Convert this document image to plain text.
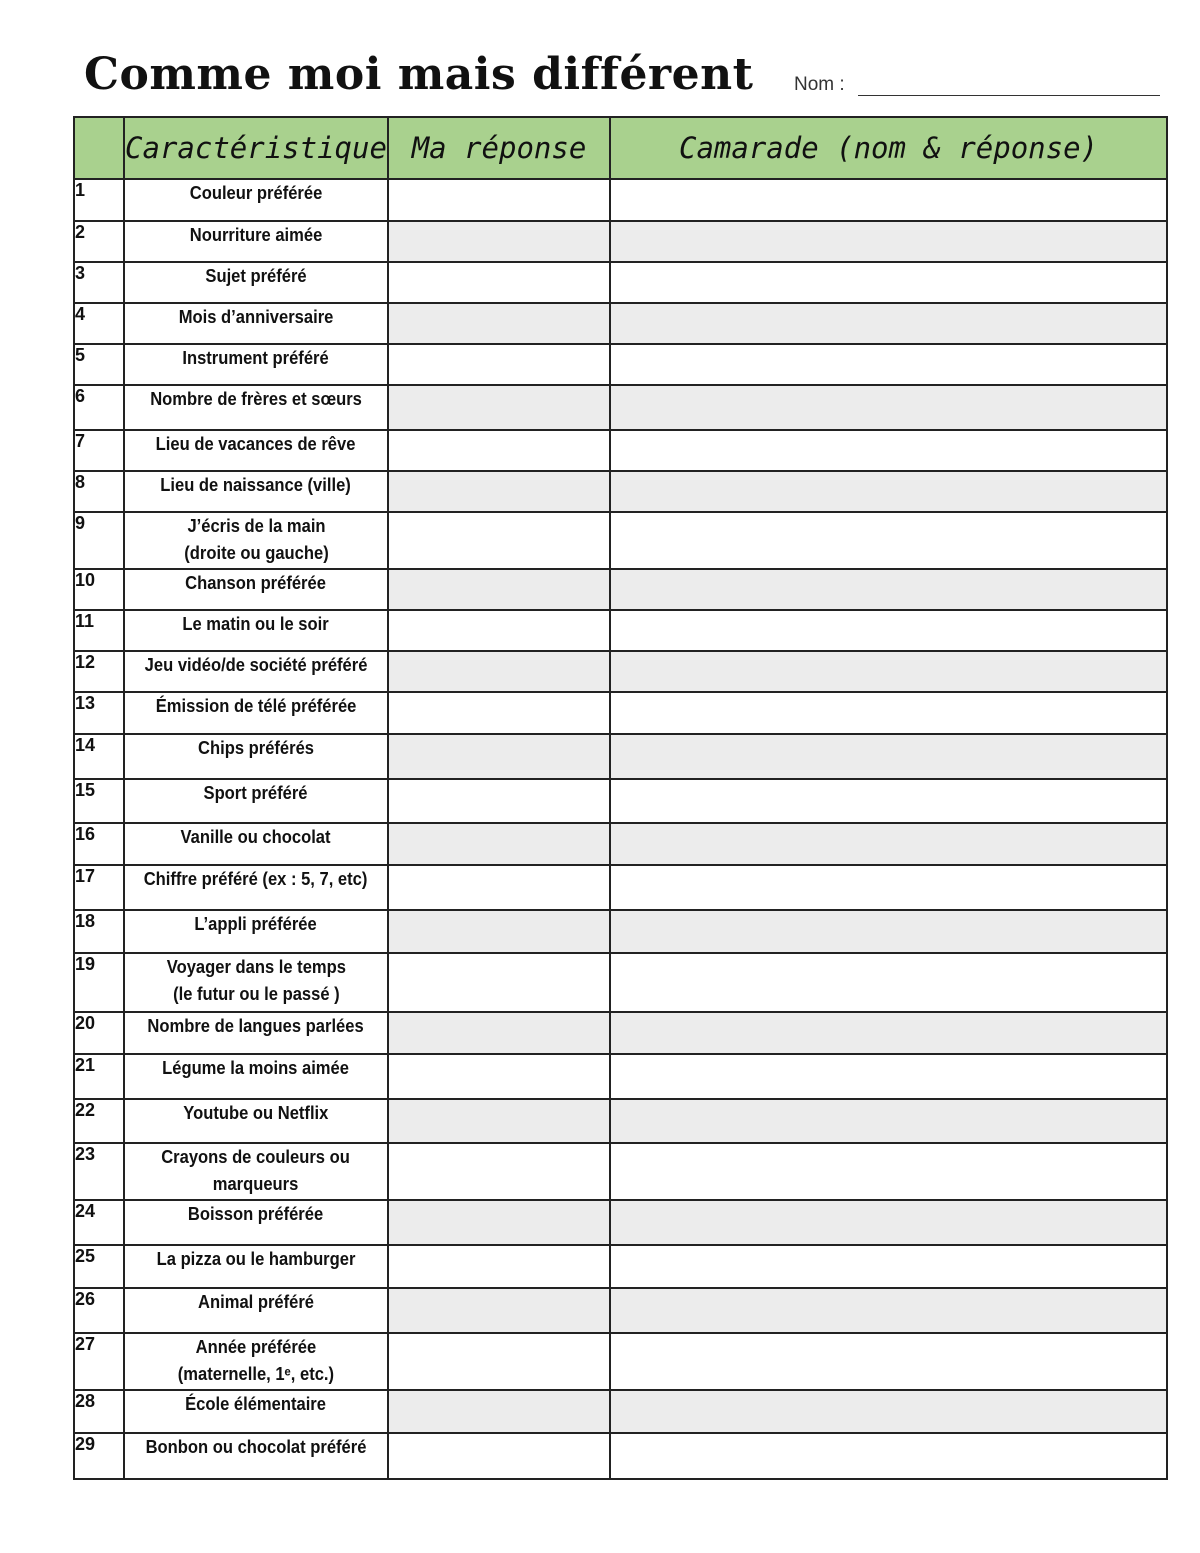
Comme moi mais différent Nom :
	Caractéristique	Ma réponse	Camarade (nom & réponse)
1	Couleur préférée		
2	Nourriture aimée		
3	Sujet préféré		
4	Mois d’anniversaire		
5	Instrument préféré		
6	Nombre de frères et sœurs		
7	Lieu de vacances de rêve		
8	Lieu de naissance (ville)		
9	J’écris de la main
(droite ou gauche)		
10	Chanson préférée		
11	Le matin ou le soir		
12	Jeu vidéo/de société préféré		
13	Émission de télé préférée		
14	Chips préférés		
15	Sport préféré		
16	Vanille ou chocolat		
17	Chiffre préféré (ex : 5, 7, etc)		
18	L’appli préférée		
19	Voyager dans le temps
(le futur ou le passé )		
20	Nombre de langues parlées		
21	Légume la moins aimée		
22	Youtube ou Netflix		
23	Crayons de couleurs ou
marqueurs		
24	Boisson préférée		
25	La pizza ou le hamburger		
26	Animal préféré		
27	Année préférée
(maternelle, 1ᵉ, etc.)		
28	École élémentaire		
29	Bonbon ou chocolat préféré		
